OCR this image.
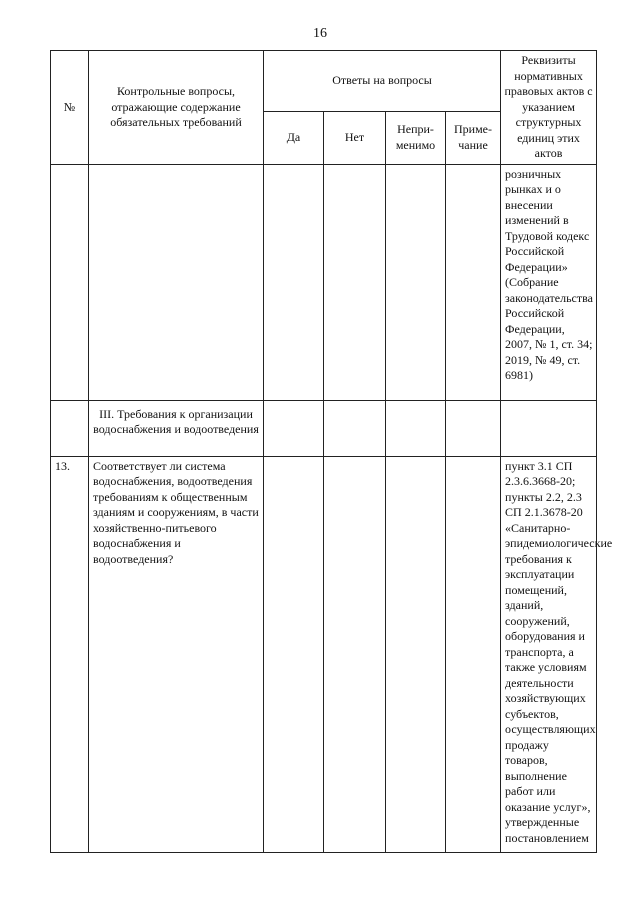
16
№	Контрольные вопросы, отражающие содержание обязательных требований	Ответы на вопросы				Реквизиты нормативных правовых актов с указанием структурных единиц этих актов
		Да	Нет	Непри-менимо	Приме-чание	
						розничных рынках и о внесении изменений в Трудовой кодекс Российской Федерации» (Собрание законодательства Российской Федерации, 2007, № 1, ст. 34; 2019, № 49, ст. 6981)
	III. Требования к организации водоснабжения и водоотведения					
13.	Соответствует ли система водоснабжения, водоотведения требованиям к общественным зданиям и сооружениям, в части хозяйственно-питьевого водоснабжения и водоотведения?					пункт 3.1 СП 2.3.6.3668-20; пункты 2.2, 2.3 СП 2.1.3678-20 «Санитарно-эпидемиологические требования к эксплуатации помещений, зданий, сооружений, оборудования и транспорта, а также условиям деятельности хозяйствующих субъектов, осуществляющих продажу товаров, выполнение работ или оказание услуг», утвержденные постановлением
